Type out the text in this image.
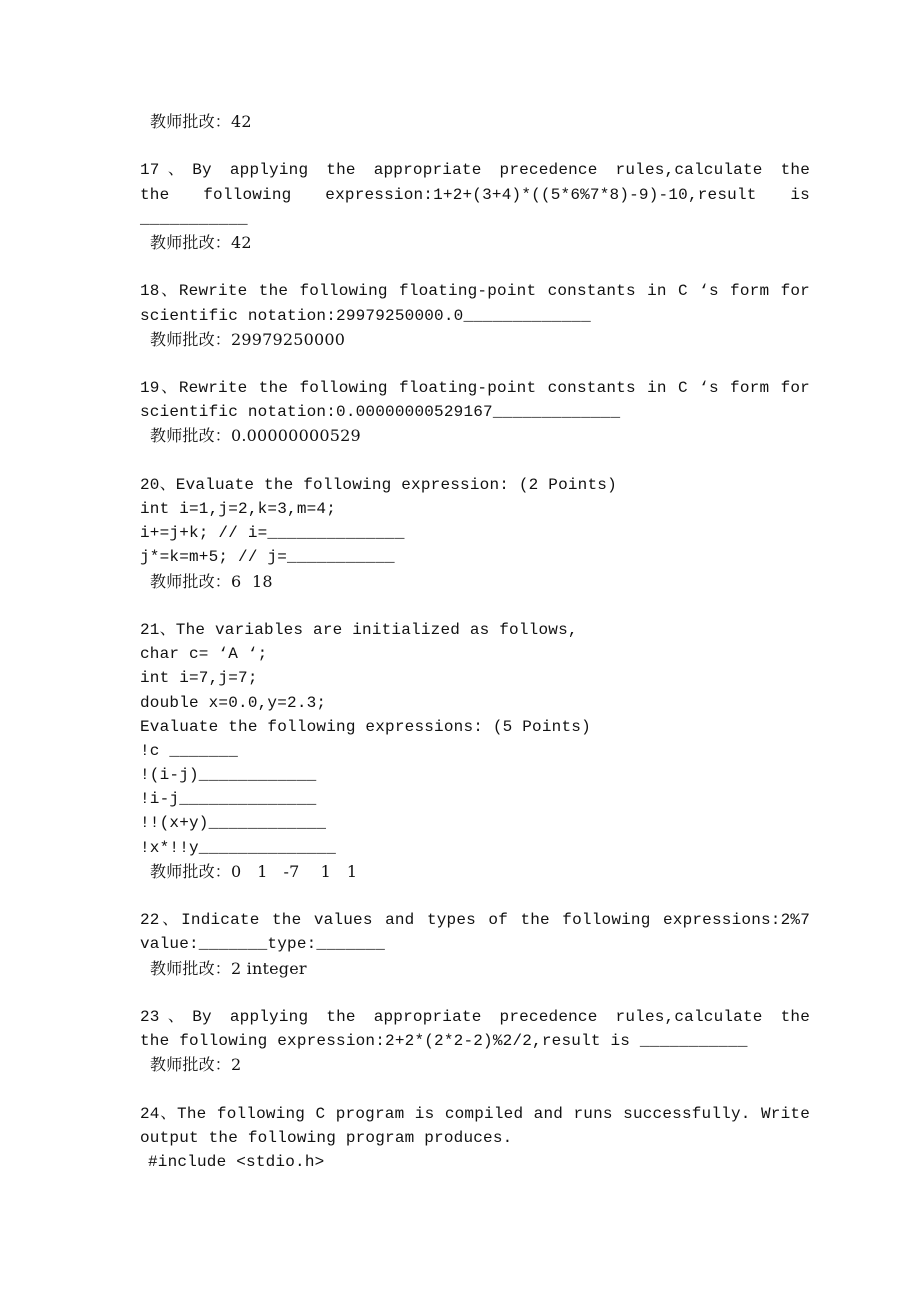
教师批改：42
17、By applying the appropriate precedence rules,calculate the
the following expression:1+2+(3+4)*((5*6%7*8)-9)-10,result is
___________
教师批改：42
18、Rewrite the following floating-point constants in C ‘s form for
scientific notation:29979250000.0_____________
教师批改：29979250000
19、Rewrite the following floating-point constants in C ‘s form for
scientific notation:0.00000000529167_____________
教师批改：0.00000000529
20、Evaluate the following expression: (2 Points)
int i=1,j=2,k=3,m=4;
i+=j+k; // i=______________
j*=k=m+5; // j=___________
教师批改：6  18
21、The variables are initialized as follows,
char c= ‘A ‘;
int i=7,j=7;
double x=0.0,y=2.3;
Evaluate the following expressions: (5 Points)
!c _______
!(i-j)____________
!i-j______________
!!(x+y)____________
!x*!!y______________
教师批改：0   1   -7    1   1
22、Indicate the values and types of the following expressions:2%7
value:_______type:_______
教师批改：2 integer
23、By applying the appropriate precedence rules,calculate the
the following expression:2+2*(2*2-2)%2/2,result is ___________
教师批改：2
24、The following C program is compiled and runs successfully. Write
output the following program produces.
#include <stdio.h>
